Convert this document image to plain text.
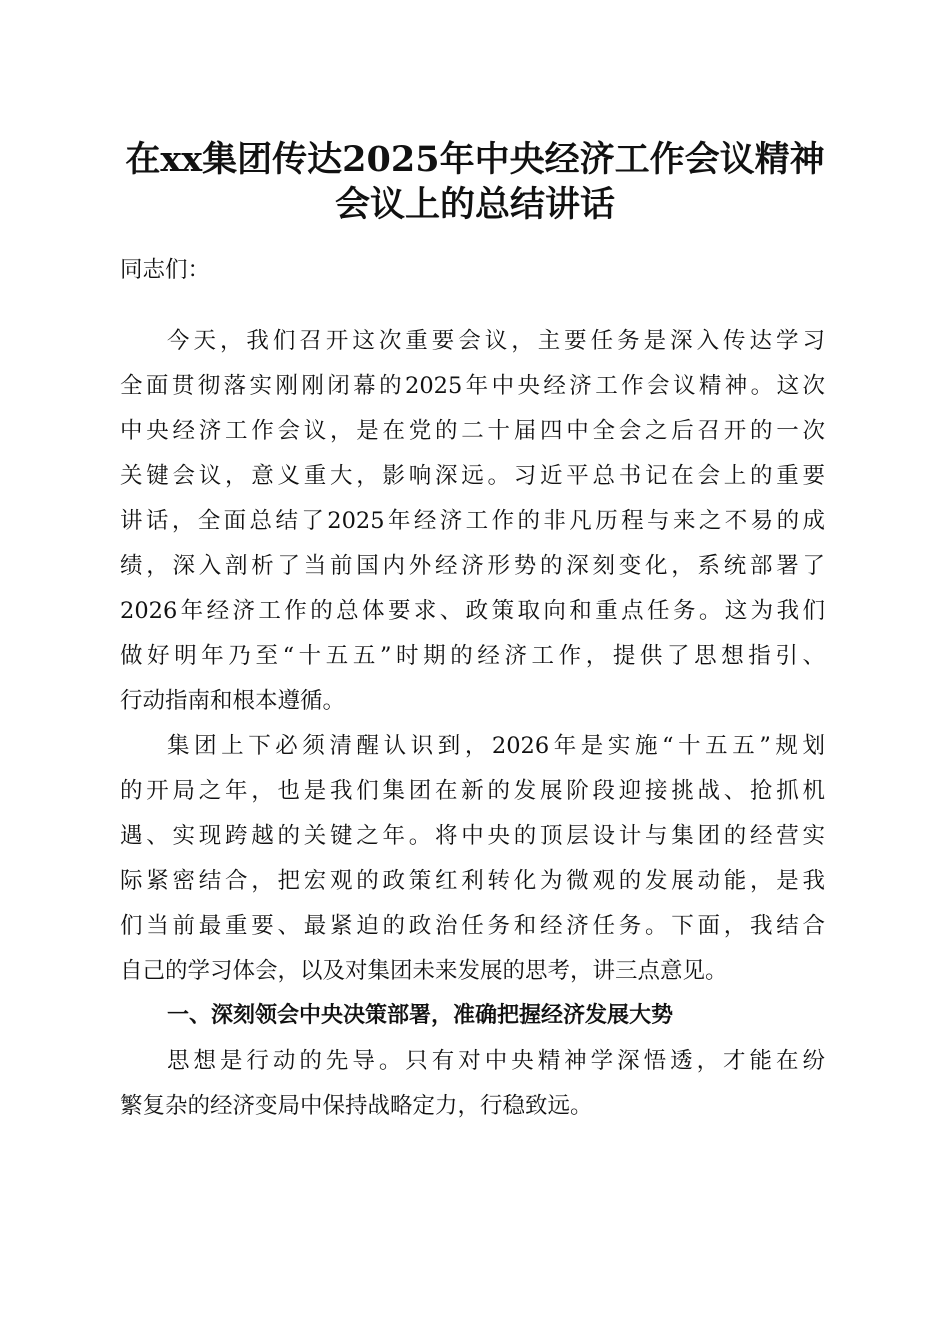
在xx集团传达2025年中央经济工作会议精神
会议上的总结讲话
同志们：
今天，我们召开这次重要会议，主要任务是深入传达学习
全面贯彻落实刚刚闭幕的2025年中央经济工作会议精神。这次
中央经济工作会议，是在党的二十届四中全会之后召开的一次
关键会议，意义重大，影响深远。习近平总书记在会上的重要
讲话，全面总结了2025年经济工作的非凡历程与来之不易的成
绩，深入剖析了当前国内外经济形势的深刻变化，系统部署了
2026年经济工作的总体要求、政策取向和重点任务。这为我们
做好明年乃至“十五五”时期的经济工作，提供了思想指引、
行动指南和根本遵循。
集团上下必须清醒认识到，2026年是实施“十五五”规划
的开局之年，也是我们集团在新的发展阶段迎接挑战、抢抓机
遇、实现跨越的关键之年。将中央的顶层设计与集团的经营实
际紧密结合，把宏观的政策红利转化为微观的发展动能，是我
们当前最重要、最紧迫的政治任务和经济任务。下面，我结合
自己的学习体会，以及对集团未来发展的思考，讲三点意见。
一、深刻领会中央决策部署，准确把握经济发展大势
思想是行动的先导。只有对中央精神学深悟透，才能在纷
繁复杂的经济变局中保持战略定力，行稳致远。
